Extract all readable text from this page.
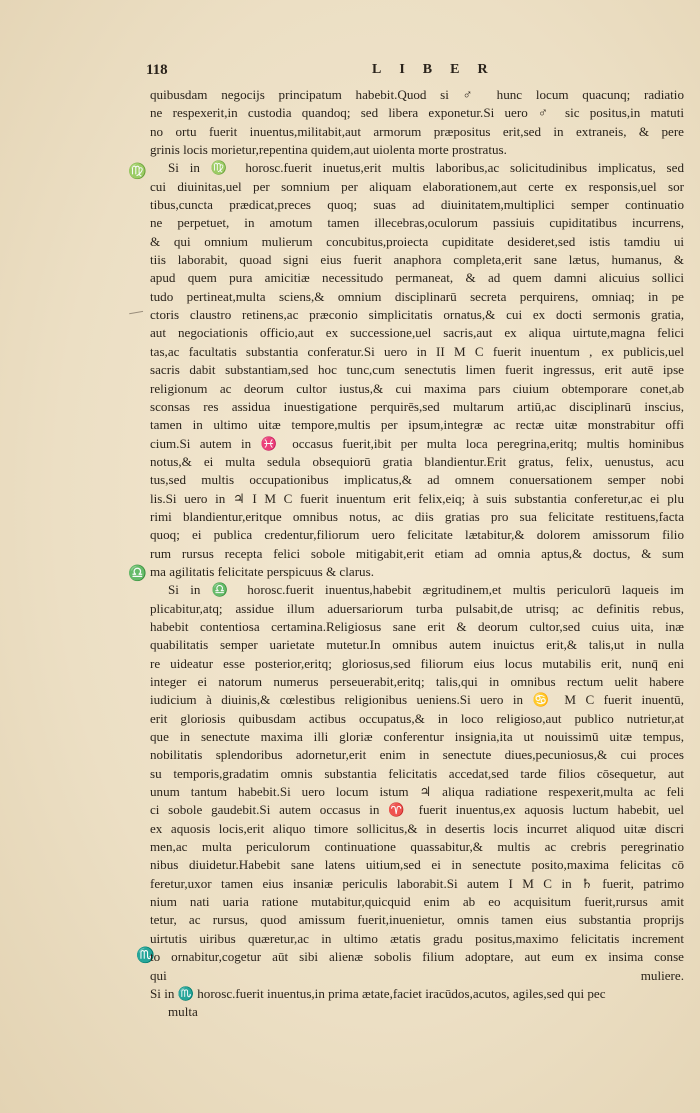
118	LIBER
♍
♎
♏
quibusdam negocijs principatum habebit.Quod si ♂ hunc locum quacunq; radiatio
ne respexerit,in custodia quandoq; sed libera exponetur.Si uero ♂ sic positus,in matuti
no ortu fuerit inuentus,militabit,aut armorum præpositus erit,sed in extraneis, & pere
grinis locis morietur,repentina quidem,aut uiolenta morte prostratus.
Si in ♍ horosc.fuerit inuetus,erit multis laboribus,ac solicitudinibus implicatus, sed
cui diuinitas,uel per somnium per aliquam elaborationem,aut certe ex responsis,uel sor
tibus,cuncta prædicat,preces quoq; suas ad diuinitatem,multiplici semper continuatio
ne perpetuet, in amotum tamen illecebras,oculorum passiuis cupiditatibus incurrens,
& qui omnium mulierum concubitus,proiecta cupiditate desideret,sed istis tamdiu ui
tiis laborabit, quoad signi eius fuerit anaphora completa,erit sane lætus, humanus, &
apud quem pura amicitiæ necessitudo permaneat, & ad quem damni alicuius sollici
tudo pertineat,multa sciens,& omnium disciplinarū secreta perquirens, omniaq; in pe
ctoris claustro retinens,ac præconio simplicitatis ornatus,& cui ex docti sermonis gratia,
aut negociationis officio,aut ex successione,uel sacris,aut ex aliqua uirtute,magna felici
tas,ac facultatis substantia conferatur.Si uero in II M C fuerit inuentum , ex publicis,uel
sacris dabit substantiam,sed hoc tunc,cum senectutis limen fuerit ingressus, erit autē ipse
religionum ac deorum cultor iustus,& cui maxima pars ciuium obtemporare conet,ab
sconsas res assidua inuestigatione perquirēs,sed multarum artiū,ac disciplinarū inscius,
tamen in ultimo uitæ tempore,multis per ipsum,integræ ac rectæ uitæ monstrabitur offi
cium.Si autem in ♓ occasus fuerit,ibit per multa loca peregrina,eritq; multis hominibus
notus,& ei multa sedula obsequiorū gratia blandientur.Erit gratus, felix, uenustus, acu
tus,sed multis occupationibus implicatus,& ad omnem conuersationem semper nobi
lis.Si uero in ♃ I M C fuerit inuentum erit felix,eiq; à suis substantia conferetur,ac ei plu
rimi blandientur,eritque omnibus notus, ac diis gratias pro sua felicitate restituens,facta
quoq; ei publica credentur,filiorum uero felicitate lætabitur,& dolorem amissorum filio
rum rursus recepta felici sobole mitigabit,erit etiam ad omnia aptus,& doctus, & sum
ma agilitatis felicitate perspicuus & clarus.
Si in ♎ horosc.fuerit inuentus,habebit ægritudinem,et multis periculorū laqueis im
plicabitur,atq; assidue illum aduersariorum turba pulsabit,de utrisq; ac definitis rebus,
habebit contentiosa certamina.Religiosus sane erit & deorum cultor,sed cuius uita, inæ
quabilitatis semper uarietate mutetur.In omnibus autem inuictus erit,& talis,ut in nulla
re uideatur esse posterior,eritq; gloriosus,sed filiorum eius locus mutabilis erit, nunq̄ eni
integer ei natorum numerus perseuerabit,eritq; talis,qui in omnibus rectum uelit habere
iudicium à diuinis,& cœlestibus religionibus ueniens.Si uero in ♋ M C fuerit inuentū,
erit gloriosis quibusdam actibus occupatus,& in loco religioso,aut publico nutrietur,at
que in senectute maxima illi gloriæ conferentur insignia,ita ut nouissimū uitæ tempus,
nobilitatis splendoribus adornetur,erit enim in senectute diues,pecuniosus,& cui proces
su temporis,gradatim omnis substantia felicitatis accedat,sed tarde filios cōsequetur, aut
unum tantum habebit.Si uero locum istum ♃ aliqua radiatione respexerit,multa ac feli
ci sobole gaudebit.Si autem occasus in ♈ fuerit inuentus,ex aquosis luctum habebit, uel
ex aquosis locis,erit aliquo timore sollicitus,& in desertis locis incurret aliquod uitæ discri
men,ac multa periculorum continuatione quassabitur,& multis ac crebris peregrinatio
nibus diuidetur.Habebit sane latens uitium,sed ei in senectute posito,maxima felicitas cō
feretur,uxor tamen eius insaniæ periculis laborabit.Si autem I M C in ♄ fuerit, patrimo
nium nati uaria ratione mutabitur,quicquid enim ab eo acquisitum fuerit,rursus amit
tetur, ac rursus, quod amissum fuerit,inuenietur, omnis tamen eius substantia proprijs
uirtutis uiribus quæretur,ac in ultimo ætatis gradu positus,maximo felicitatis increment
to ornabitur,cogetur aūt sibi alienæ sobolis filium adoptare, aut eum ex insima conse
qui muliere.
Si in ♏ horosc.fuerit inuentus,in prima ætate,faciet iracūdos,acutos, agiles,sed qui pec
multa
